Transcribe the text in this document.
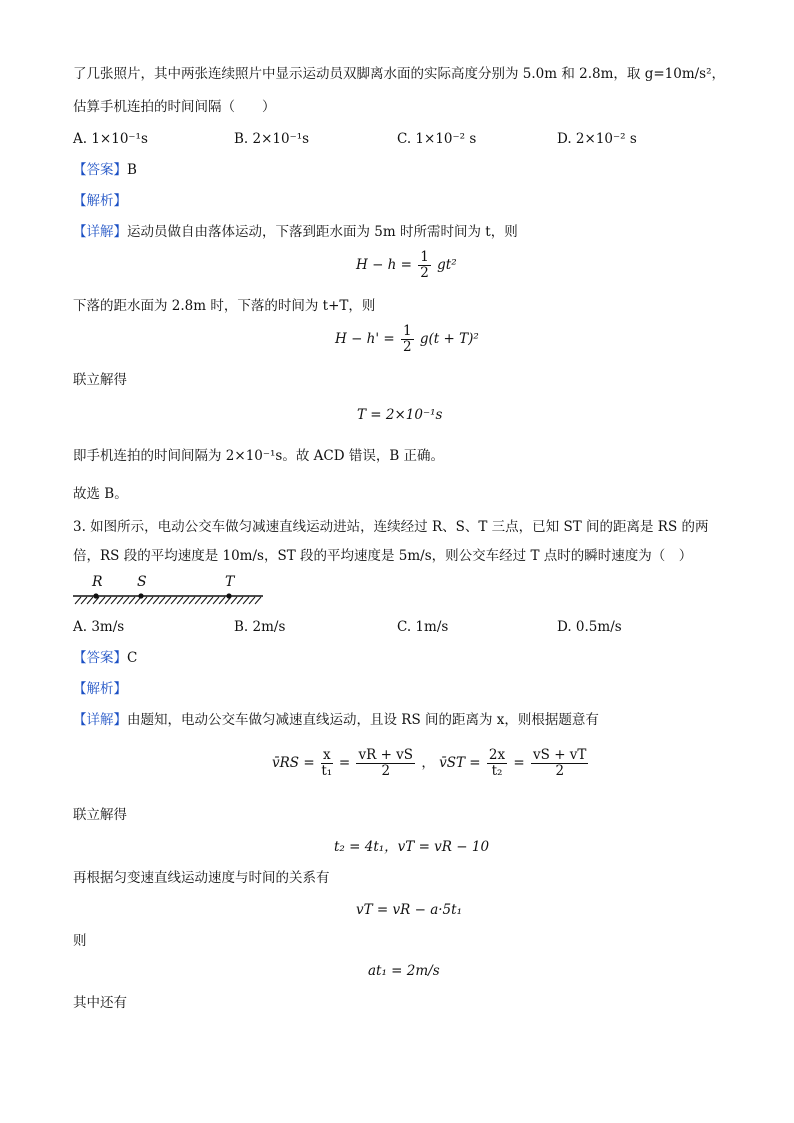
了几张照片，其中两张连续照片中显示运动员双脚离水面的实际高度分别为 5.0m 和 2.8m，取 g=10m/s²，
估算手机连拍的时间间隔（　　）
A. 1×10⁻¹s	B. 2×10⁻¹s	C. 1×10⁻² s	D. 2×10⁻² s
【答案】B
【解析】
【详解】运动员做自由落体运动，下落到距水面为 5m 时所需时间为 t，则
$H - h = \frac{1}{2} gt^2$
下落的距水面为 2.8m 时，下落的时间为 t+T，则
$H - h' = \frac{1}{2} g(t + T)^2$
联立解得
T = 2×10⁻¹s
即手机连拍的时间间隔为 2×10⁻¹s。故 ACD 错误，B 正确。
故选 B。
3. 如图所示，电动公交车做匀减速直线运动进站，连续经过 R、S、T 三点，已知 ST 间的距离是 RS 的两
倍，RS 段的平均速度是 10m/s，ST 段的平均速度是 5m/s，则公交车经过 T 点时的瞬时速度为（　）
R S	T
A. 3m/s	B. 2m/s	C. 1m/s	D. 0.5m/s
【答案】C
【解析】
【详解】由题知，电动公交车做匀减速直线运动，且设 RS 间的距离为 x，则根据题意有
v̄RS = $\frac{x}{\text{t₁}} = \frac{vR + vS}{2}$ ， v̄ST = $\frac{2x}{\text{t₂}} = \frac{vS + vT}{2}$
联立解得
t₂ = 4t₁，vT = vR − 10
再根据匀变速直线运动速度与时间的关系有
vT = vR − a·5t₁
则
at₁ = 2m/s
其中还有
